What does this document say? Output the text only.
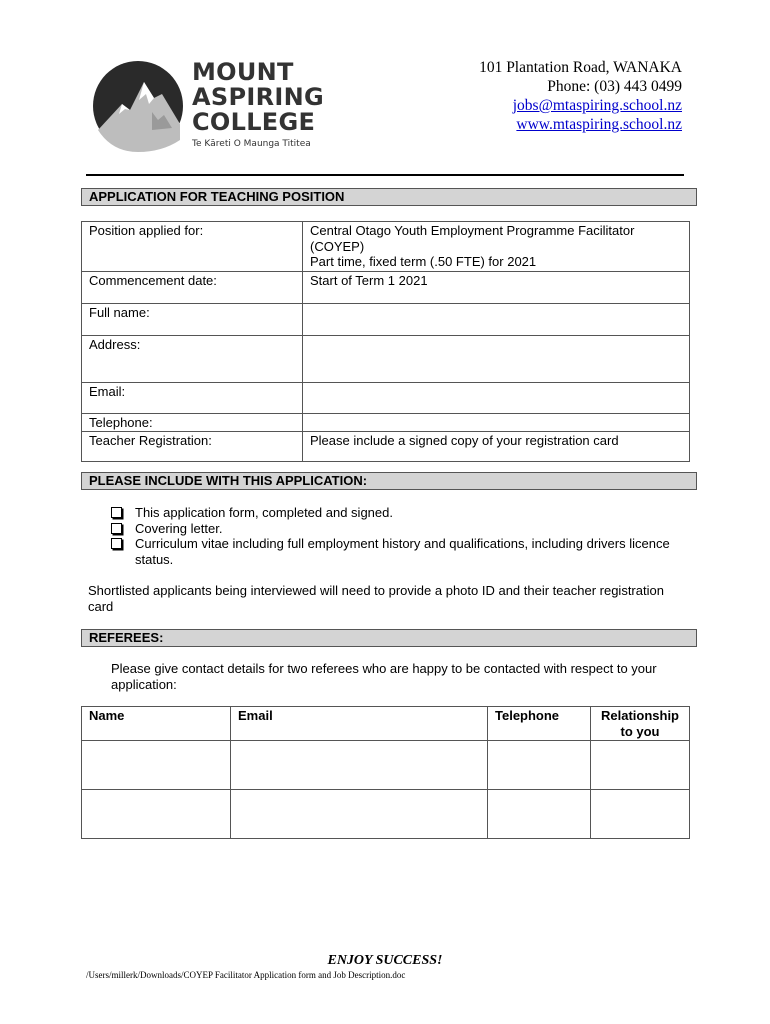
MOUNT
ASPIRING
COLLEGE
Te Kāreti O Maunga Tititea
101 Plantation Road, WANAKA
Phone: (03) 443 0499
jobs@mtaspiring.school.nz
www.mtaspiring.school.nz
APPLICATION FOR TEACHING POSITION
Position applied for:	Central Otago Youth Employment Programme Facilitator
(COYEP)
Part time, fixed term (.50 FTE) for 2021

Commencement date:	Start of Term 1 2021
Full name:	
Address:	
Email:	
Telephone:	
Teacher Registration:	Please include a signed copy of your registration card
PLEASE INCLUDE WITH THIS APPLICATION:
This application form, completed and signed.
Covering letter.
Curriculum vitae including full employment history and qualifications, including drivers licence status.
Shortlisted applicants being interviewed will need to provide a photo ID and their teacher registration card
REFEREES:
Please give contact details for two referees who are happy to be contacted with respect to your application:
Name	Email	Telephone	Relationship to you

ENJOY SUCCESS!
/Users/millerk/Downloads/COYEP Facilitator Application form and Job Description.doc
